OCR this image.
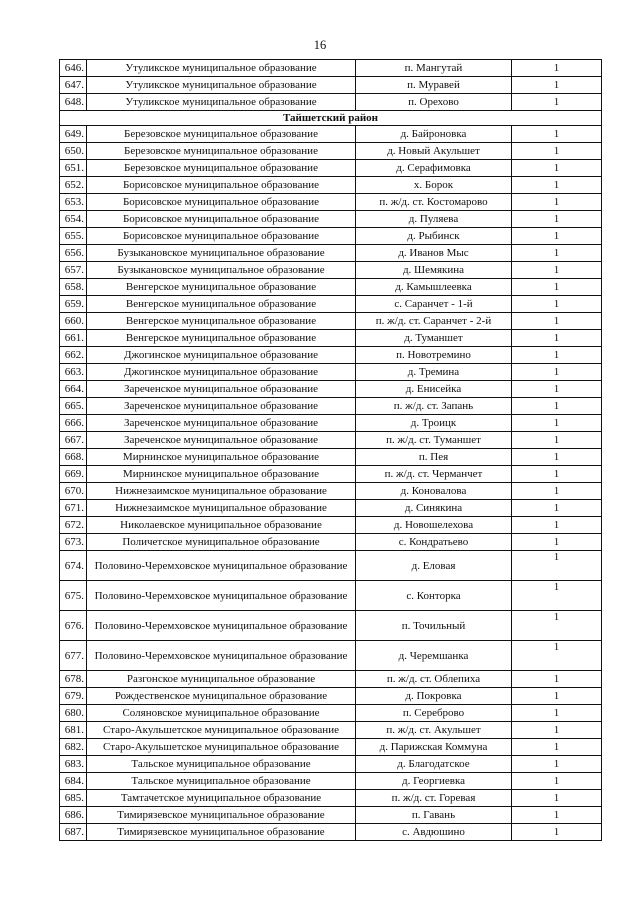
16
646.	Утуликское муниципальное образование	п. Мангутай	1
647.	Утуликское муниципальное образование	п. Муравей	1
648.	Утуликское муниципальное образование	п. Орехово	1
Тайшетский район			
649.	Березовское муниципальное образование	д. Байроновка	1
650.	Березовское муниципальное образование	д. Новый Акульшет	1
651.	Березовское муниципальное образование	д. Серафимовка	1
652.	Борисовское муниципальное образование	х. Борок	1
653.	Борисовское муниципальное образование	п. ж/д. ст. Костомарово	1
654.	Борисовское муниципальное образование	д. Пуляева	1
655.	Борисовское муниципальное образование	д. Рыбинск	1
656.	Бузыкановское муниципальное образование	д. Иванов Мыс	1
657.	Бузыкановское муниципальное образование	д. Шемякина	1
658.	Венгерское муниципальное образование	д. Камышлеевка	1
659.	Венгерское муниципальное образование	с. Саранчет - 1-й	1
660.	Венгерское муниципальное образование	п. ж/д. ст. Саранчет - 2-й	1
661.	Венгерское муниципальное образование	д. Туманшет	1
662.	Джогинское муниципальное образование	п. Новотремино	1
663.	Джогинское муниципальное образование	д. Тремина	1
664.	Зареченское муниципальное образование	д. Енисейка	1
665.	Зареченское муниципальное образование	п. ж/д. ст. Запань	1
666.	Зареченское муниципальное образование	д. Троицк	1
667.	Зареченское муниципальное образование	п. ж/д. ст. Туманшет	1
668.	Мирнинское муниципальное образование	п. Пея	1
669.	Мирнинское муниципальное образование	п. ж/д. ст. Черманчет	1
670.	Нижнезаимское муниципальное образование	д. Коновалова	1
671.	Нижнезаимское муниципальное образование	д. Синякина	1
672.	Николаевское муниципальное образование	д. Новошелехова	1
673.	Поличетское муниципальное образование	с. Кондратьево	1
674.	Половино-Черемховское муниципальное образование	д. Еловая	1
675.	Половино-Черемховское муниципальное образование	с. Конторка	1
676.	Половино-Черемховское муниципальное образование	п. Точильный	1
677.	Половино-Черемховское муниципальное образование	д. Черемшанка	1
678.	Разгонское муниципальное образование	п. ж/д. ст. Облепиха	1
679.	Рождественское муниципальное образование	д. Покровка	1
680.	Соляновское муниципальное образование	п. Сереброво	1
681.	Старо-Акульшетское муниципальное образование	п. ж/д. ст. Акульшет	1
682.	Старо-Акульшетское муниципальное образование	д. Парижская Коммуна	1
683.	Тальское муниципальное образование	д. Благодатское	1
684.	Тальское муниципальное образование	д. Георгиевка	1
685.	Тамтачетское муниципальное образование	п. ж/д. ст. Горевая	1
686.	Тимирязевское муниципальное образование	п. Гавань	1
687.	Тимирязевское муниципальное образование	с. Авдюшино	1
